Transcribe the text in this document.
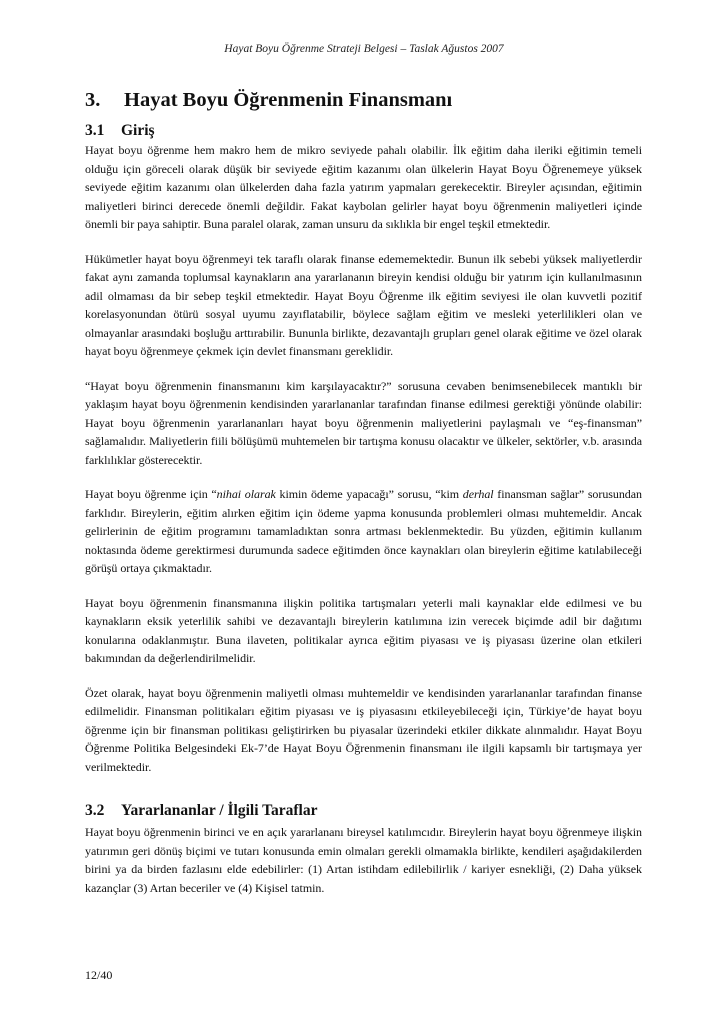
Hayat Boyu Öğrenme Strateji Belgesi – Taslak Ağustos 2007
3.	Hayat Boyu Öğrenmenin Finansmanı
3.1	Giriş

Hayat boyu öğrenme hem makro hem de mikro seviyede pahalı olabilir. İlk eğitim daha ileriki eğitimin temeli olduğu için göreceli olarak düşük bir seviyede eğitim kazanımı olan ülkelerin Hayat Boyu Öğrenemeye yüksek seviyede eğitim kazanımı olan ülkelerden daha fazla yatırım yapmaları gerekecektir. Bireyler açısından, eğitimin maliyetleri birinci derecede önemli değildir. Fakat kaybolan gelirler hayat boyu öğrenmenin maliyetleri içinde önemli bir paya sahiptir. Buna paralel olarak, zaman unsuru da sıklıkla bir engel teşkil etmektedir.

Hükümetler hayat boyu öğrenmeyi tek taraflı olarak finanse edememektedir. Bunun ilk sebebi yüksek maliyetlerdir fakat aynı zamanda toplumsal kaynakların ana yararlananın bireyin kendisi olduğu bir yatırım için kullanılmasının adil olmaması da bir sebep teşkil etmektedir. Hayat Boyu Öğrenme ilk eğitim seviyesi ile olan kuvvetli pozitif korelasyonundan ötürü sosyal uyumu zayıflatabilir, böylece sağlam eğitim ve mesleki yeterlilikleri olan ve olmayanlar arasındaki boşluğu arttırabilir. Bununla birlikte, dezavantajlı grupları genel olarak eğitime ve özel olarak hayat boyu öğrenmeye çekmek için devlet finansmanı gereklidir.

“Hayat boyu öğrenmenin finansmanını kim karşılayacaktır?” sorusuna cevaben benimsenebilecek mantıklı bir yaklaşım hayat boyu öğrenmenin kendisinden yararlananlar tarafından finanse edilmesi gerektiği yönünde olabilir: Hayat boyu öğrenmenin yararlananları hayat boyu öğrenmenin maliyetlerini paylaşmalı ve “eş-finansman” sağlamalıdır. Maliyetlerin fiili bölüşümü muhtemelen bir tartışma konusu olacaktır ve ülkeler, sektörler, v.b. arasında farklılıklar gösterecektir.

Hayat boyu öğrenme için “nihai olarak kimin ödeme yapacağı” sorusu, “kim derhal finansman sağlar” sorusundan farklıdır. Bireylerin, eğitim alırken eğitim için ödeme yapma konusunda problemleri olması muhtemeldir. Ancak gelirlerinin de eğitim programını tamamladıktan sonra artması beklenmektedir. Bu yüzden, eğitimin kullanım noktasında ödeme gerektirmesi durumunda sadece eğitimden önce kaynakları olan bireylerin eğitime katılabileceği görüşü ortaya çıkmaktadır.

Hayat boyu öğrenmenin finansmanına ilişkin politika tartışmaları yeterli mali kaynaklar elde edilmesi ve bu kaynakların eksik yeterlilik sahibi ve dezavantajlı bireylerin katılımına izin verecek biçimde adil bir dağıtımı konularına odaklanmıştır. Buna ilaveten, politikalar ayrıca eğitim piyasası ve iş piyasası üzerine olan etkileri bakımından da değerlendirilmelidir.

Özet olarak, hayat boyu öğrenmenin maliyetli olması muhtemeldir ve kendisinden yararlananlar tarafından finanse edilmelidir. Finansman politikaları eğitim piyasası ve iş piyasasını etkileyebileceği için, Türkiye’de hayat boyu öğrenme için bir finansman politikası geliştirirken bu piyasalar üzerindeki etkiler dikkate alınmalıdır. Hayat Boyu Öğrenme Politika Belgesindeki Ek-7’de Hayat Boyu Öğrenmenin finansmanı ile ilgili kapsamlı bir tartışmaya yer verilmektedir.

3.2	Yararlananlar / İlgili Taraflar

Hayat boyu öğrenmenin birinci ve en açık yararlananı bireysel katılımcıdır. Bireylerin hayat boyu öğrenmeye ilişkin yatırımın geri dönüş biçimi ve tutarı konusunda emin olmaları gerekli olmamakla birlikte, kendileri aşağıdakilerden birini ya da birden fazlasını elde edebilirler: (1) Artan istihdam edilebilirlik / kariyer esnekliği, (2) Daha yüksek kazançlar (3) Artan beceriler ve (4) Kişisel tatmin.

12/40
